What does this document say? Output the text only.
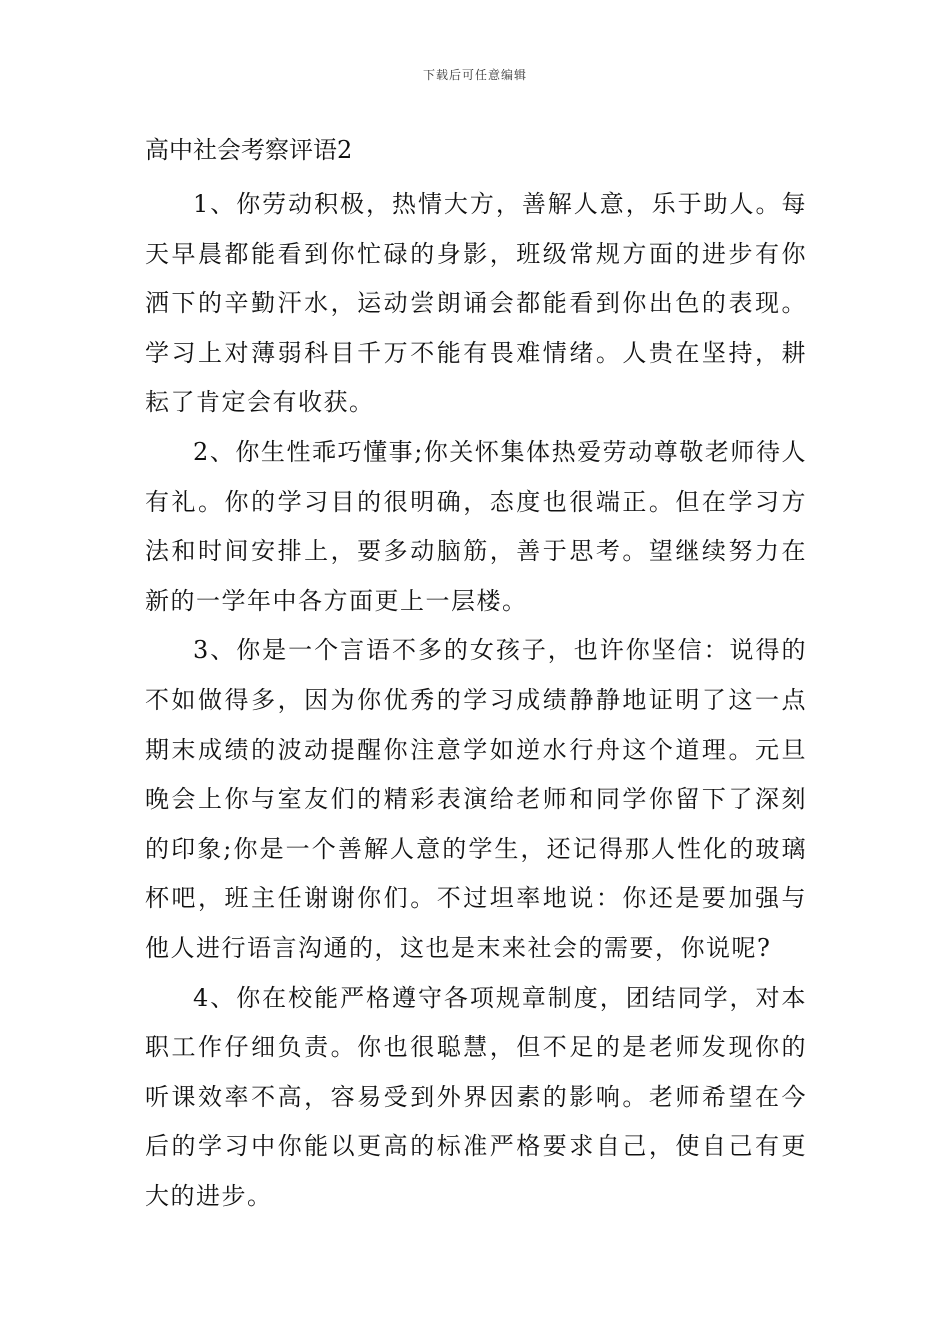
下载后可任意编辑
高中社会考察评语2

1、你劳动积极，热情大方，善解人意，乐于助人。每天早晨都能看到你忙碌的身影，班级常规方面的进步有你洒下的辛勤汗水，运动尝朗诵会都能看到你出色的表现。学习上对薄弱科目千万不能有畏难情绪。人贵在坚持，耕耘了肯定会有收获。

2、你生性乖巧懂事;你关怀集体热爱劳动尊敬老师待人有礼。你的学习目的很明确，态度也很端正。但在学习方法和时间安排上，要多动脑筋，善于思考。望继续努力在新的一学年中各方面更上一层楼。

3、你是一个言语不多的女孩子，也许你坚信：说得的不如做得多，因为你优秀的学习成绩静静地证明了这一点期末成绩的波动提醒你注意学如逆水行舟这个道理。元旦晚会上你与室友们的精彩表演给老师和同学你留下了深刻的印象;你是一个善解人意的学生，还记得那人性化的玻璃杯吧，班主任谢谢你们。不过坦率地说：你还是要加强与他人进行语言沟通的，这也是末来社会的需要，你说呢?

4、你在校能严格遵守各项规章制度，团结同学，对本职工作仔细负责。你也很聪慧，但不足的是老师发现你的听课效率不高，容易受到外界因素的影响。老师希望在今后的学习中你能以更高的标准严格要求自己，使自己有更大的进步。
